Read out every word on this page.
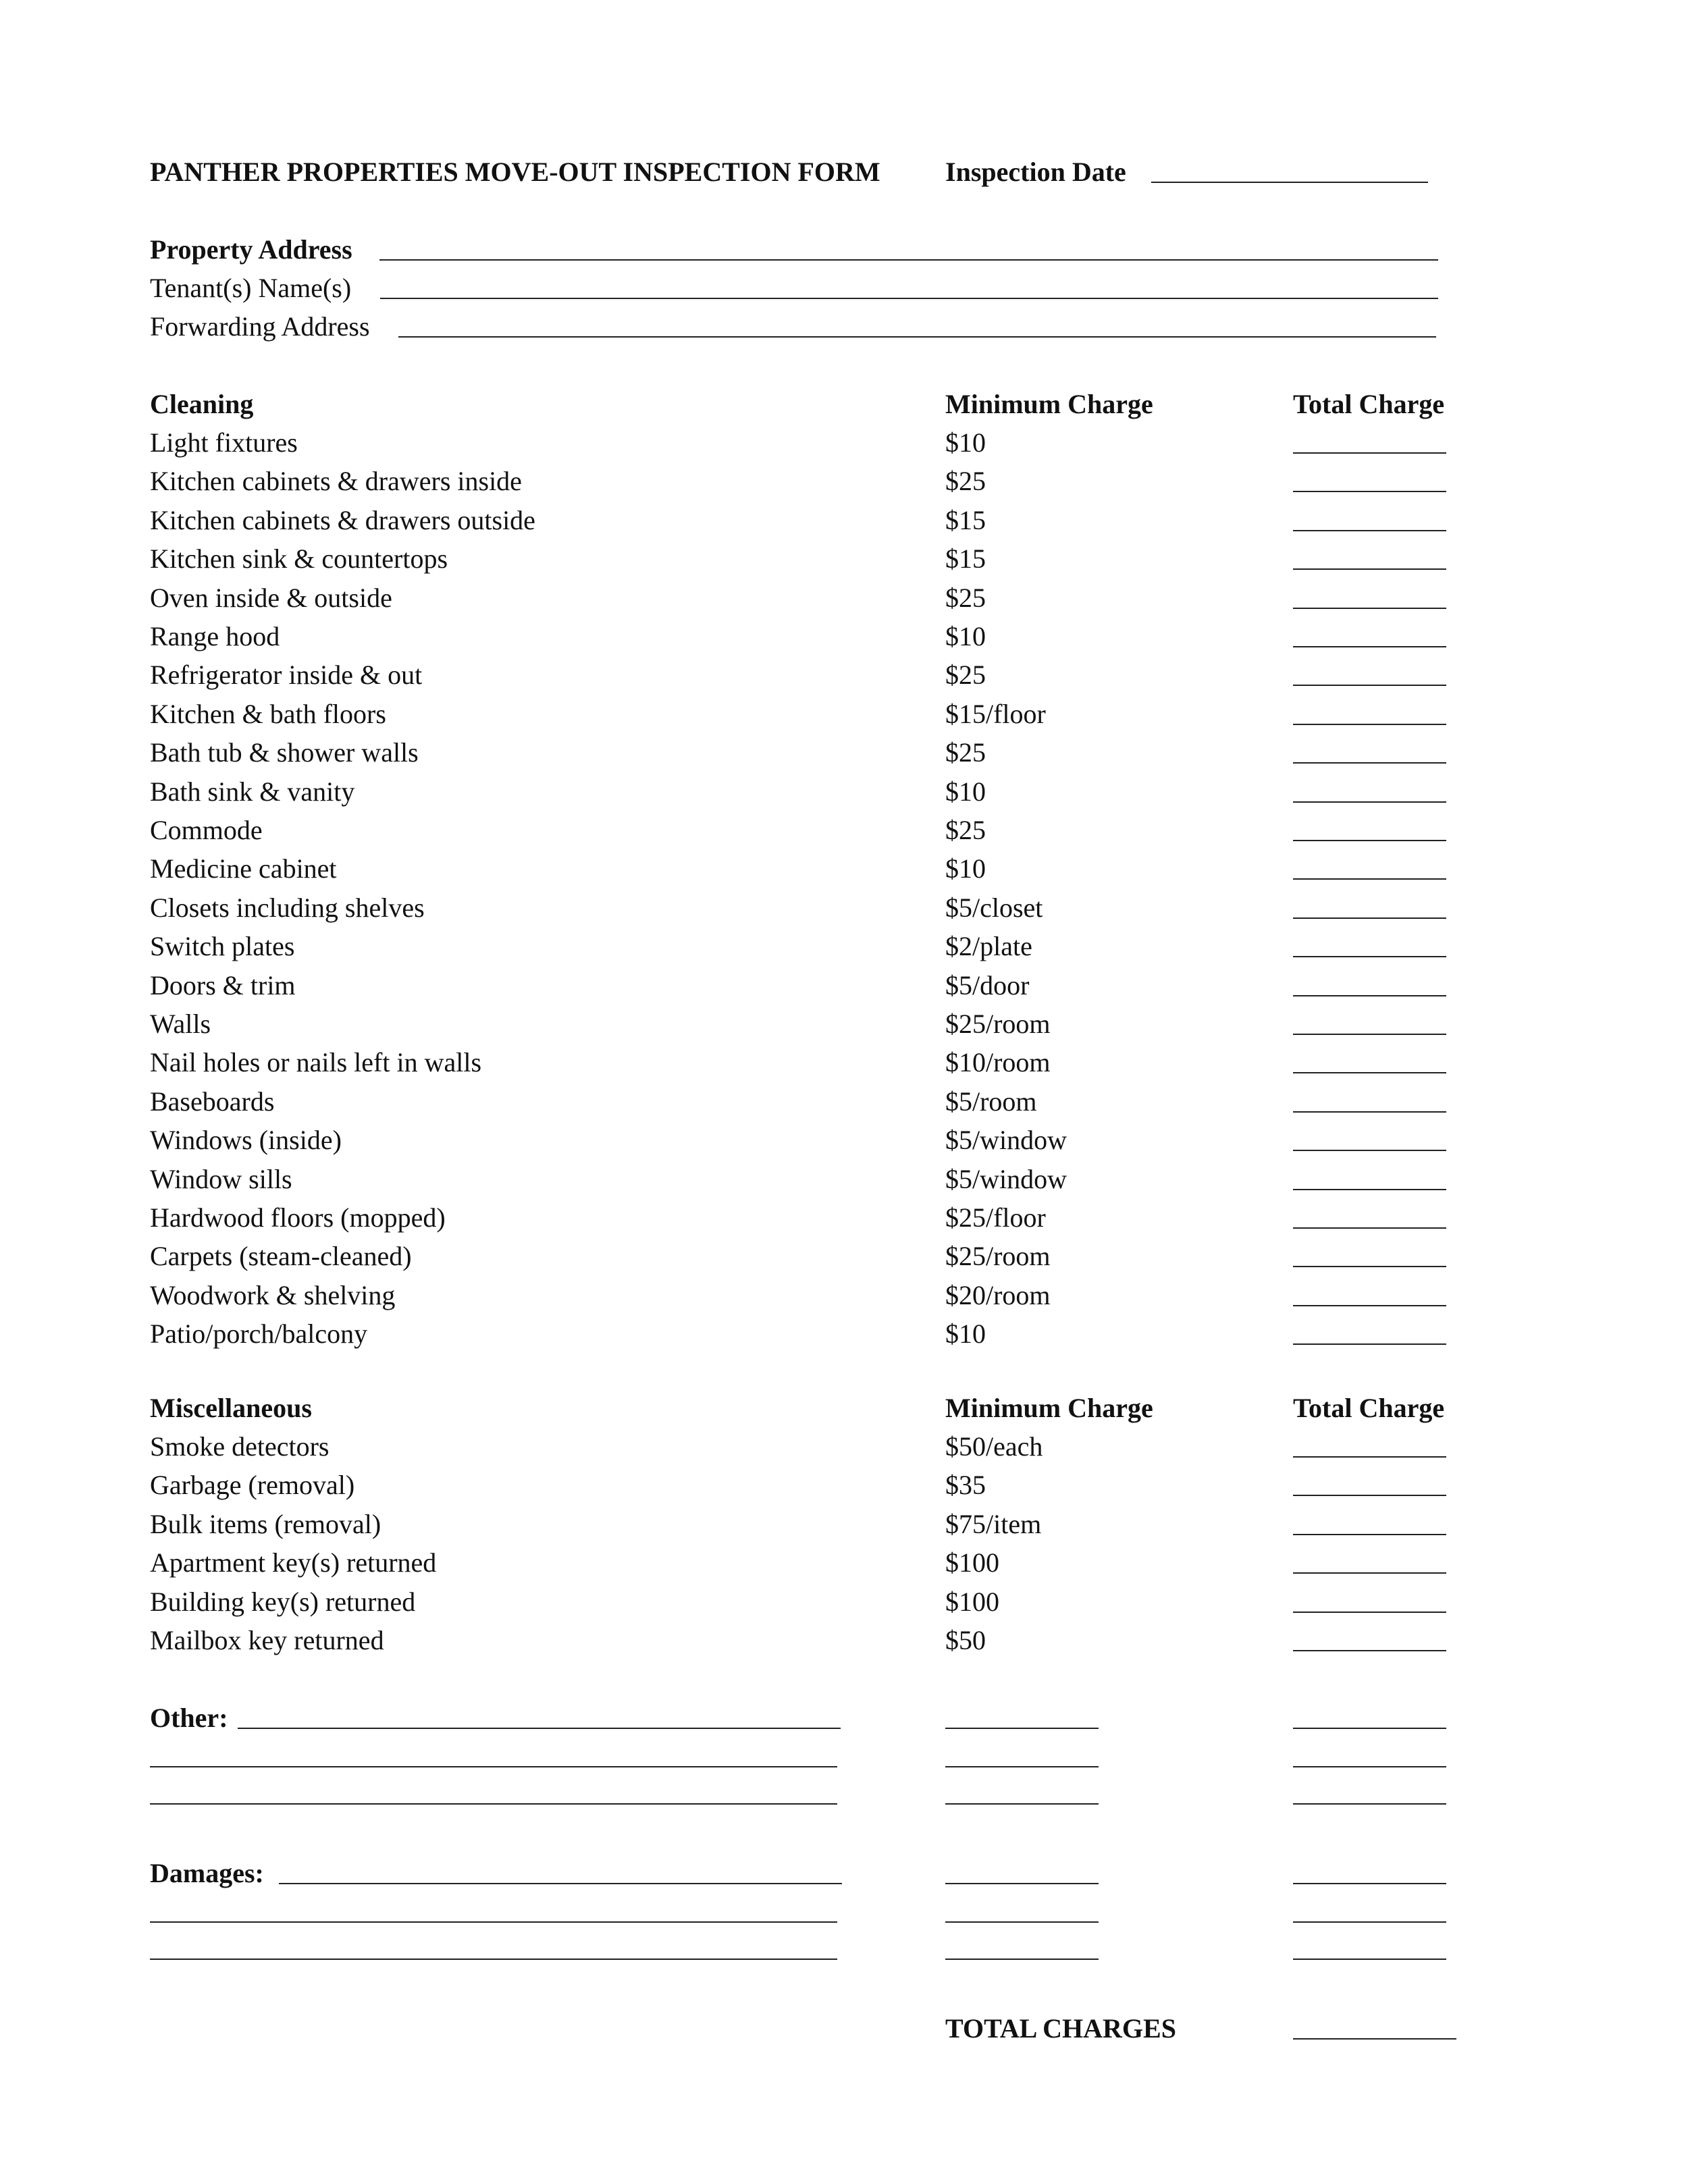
PANTHER PROPERTIES MOVE-OUT INSPECTION FORM Inspection Date
Property Address
Tenant(s) Name(s)
Forwarding Address
Cleaning	Minimum Charge	Total Charge
Light fixtures	$10
Kitchen cabinets & drawers inside	$25
Kitchen cabinets & drawers outside	$15
Kitchen sink & countertops	$15
Oven inside & outside	$25
Range hood	$10
Refrigerator inside & out	$25
Kitchen & bath floors	$15/floor
Bath tub & shower walls	$25
Bath sink & vanity	$10
Commode	$25
Medicine cabinet	$10
Closets including shelves	$5/closet
Switch plates	$2/plate
Doors & trim	$5/door
Walls	$25/room
Nail holes or nails left in walls	$10/room
Baseboards	$5/room
Windows (inside)	$5/window
Window sills	$5/window
Hardwood floors (mopped)	$25/floor
Carpets (steam-cleaned)	$25/room
Woodwork & shelving	$20/room
Patio/porch/balcony	$10
Miscellaneous	Minimum Charge	Total Charge
Smoke detectors	$50/each
Garbage (removal)	$35
Bulk items (removal)	$75/item
Apartment key(s) returned	$100
Building key(s) returned	$100
Mailbox key returned	$50
Other:
Damages:
TOTAL CHARGES
